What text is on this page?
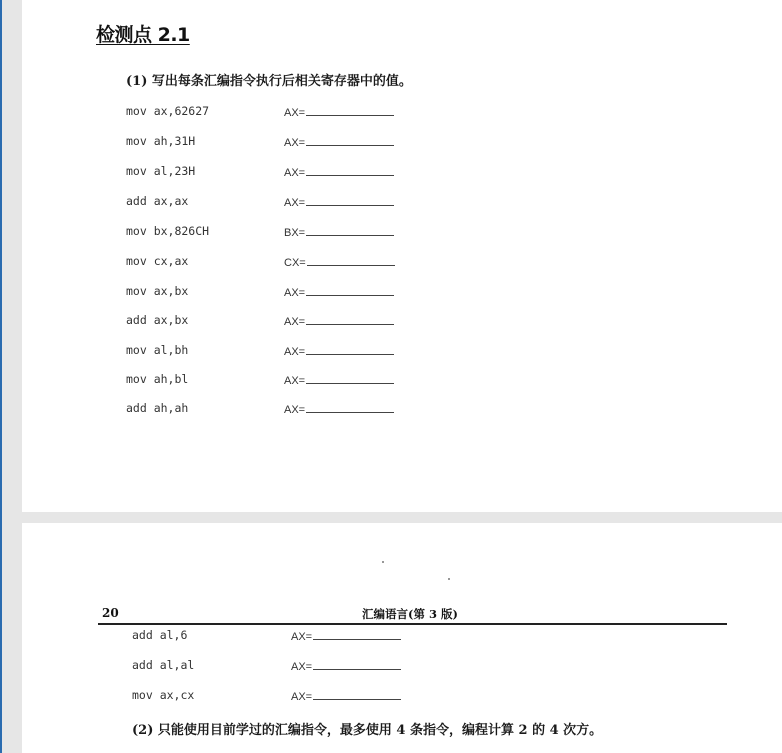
检测点 2.1
(1) 写出每条汇编指令执行后相关寄存器中的值。
mov ax,62627	AX=
mov ah,31H	AX=
mov al,23H	AX=
add ax,ax	AX=
mov bx,826CH	BX=
mov cx,ax	CX=
mov ax,bx	AX=
add ax,bx	AX=
mov al,bh	AX=
mov ah,bl	AX=
add ah,ah	AX=
20	汇编语言(第 3 版)
add al,6	AX=
add al,al	AX=
mov ax,cx	AX=
(2) 只能使用目前学过的汇编指令，最多使用 4 条指令，编程计算 2 的 4 次方。
